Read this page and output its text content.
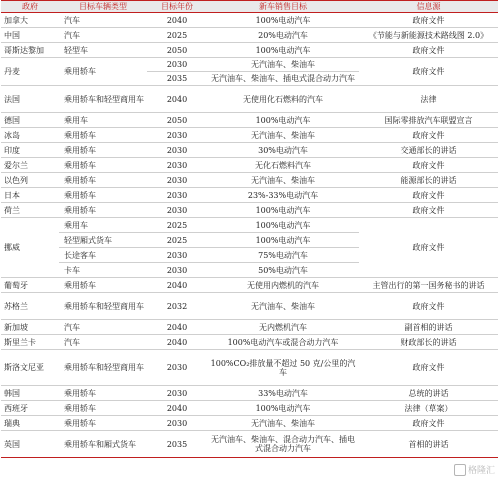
政府	目标车辆类型	目标年份	新车销售目标	信息源
加拿大	汽车	2040	100%电动汽车	政府文件
中国	汽车	2025	20%电动汽车	《节能与新能源技术路线图 2.0》
哥斯达黎加	轻型车	2050	100%电动汽车	政府文件
丹麦	乘用轿车	2030	无汽油车、柴油车	政府文件
		2035	无汽油车、柴油车、插电式混合动力汽车	
法国	乘用轿车和轻型商用车	2040	无使用化石燃料的汽车	法律
德国	乘用车	2050	100%电动汽车	国际零排放汽车联盟宣言
冰岛	乘用轿车	2030	无汽油车、柴油车	政府文件
印度	乘用轿车	2030	30%电动汽车	交通部长的讲话
爱尔兰	乘用轿车	2030	无化石燃料汽车	政府文件
以色列	乘用轿车	2030	无汽油车、柴油车	能源部长的讲话
日本	乘用轿车	2030	23%-33%电动汽车	政府文件
荷兰	乘用轿车	2030	100%电动汽车	政府文件
挪威	乘用车	2025	100%电动汽车	政府文件
	轻型厢式货车	2025	100%电动汽车	
	长途客车	2030	75%电动汽车	
	卡车	2030	50%电动汽车	
葡萄牙	乘用轿车	2040	无使用内燃机的汽车	主管出行的第一国务秘书的讲话
苏格兰	乘用轿车和轻型商用车	2032	无汽油车、柴油车	政府文件
新加坡	汽车	2040	无内燃机汽车	副首相的讲话
斯里兰卡	汽车	2040	100%电动汽车或混合动力汽车	财政部长的讲话
斯洛文尼亚	乘用轿车和轻型商用车	2030	100%CO₂排放量不超过 50 克/公里的汽车	政府文件
韩国	乘用轿车	2030	33%电动汽车	总统的讲话
西班牙	乘用轿车	2040	100%电动汽车	法律（草案）
瑞典	乘用轿车	2030	无汽油车、柴油车	政府文件
英国	乘用轿车和厢式货车	2035	无汽油车、柴油车、混合动力汽车、插电式混合动力汽车	首相的讲话
格隆汇
